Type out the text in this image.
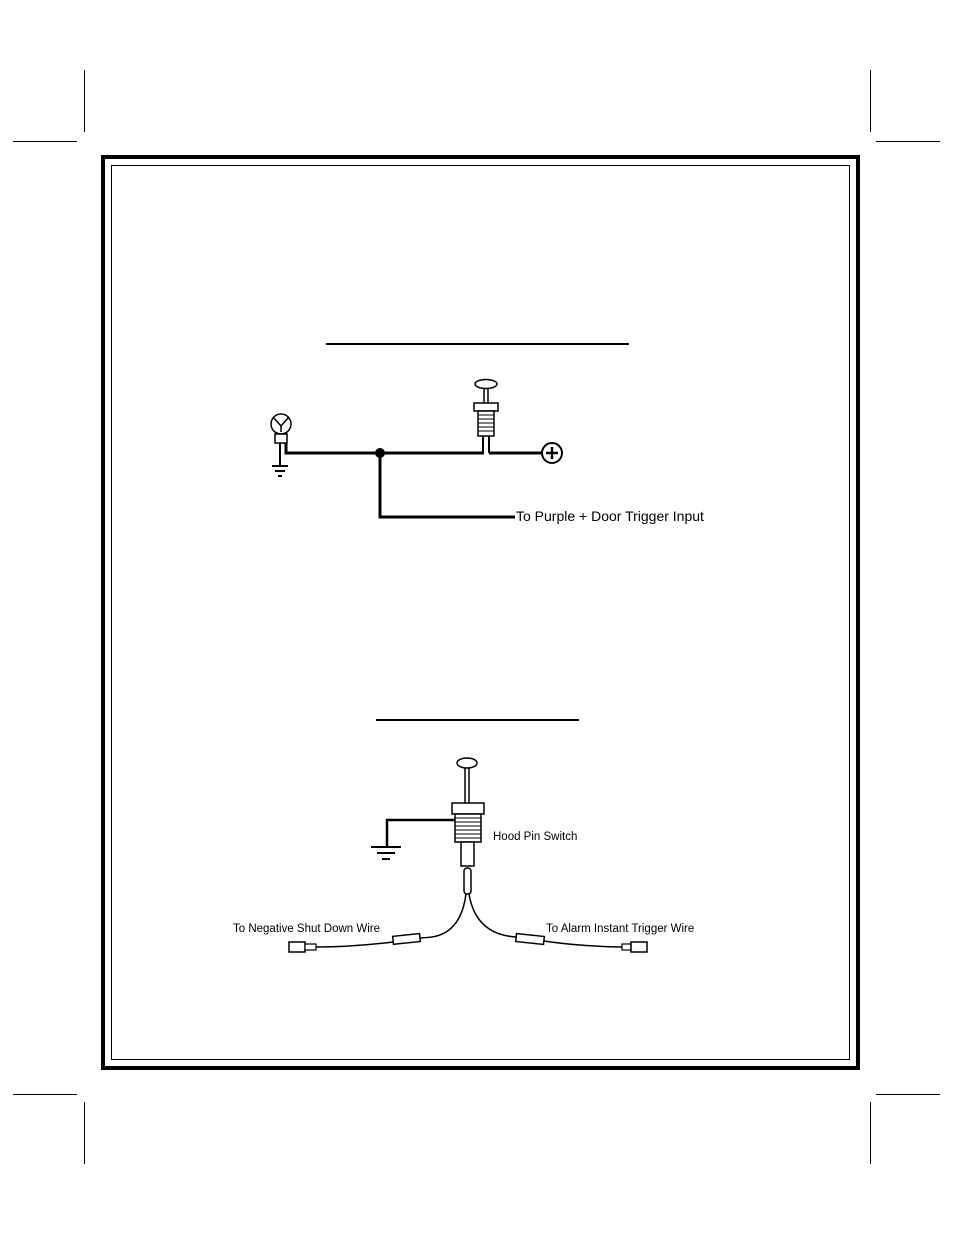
To Purple + Door Trigger Input
Hood Pin Switch
To Negative Shut Down Wire	To Alarm Instant Trigger Wire
